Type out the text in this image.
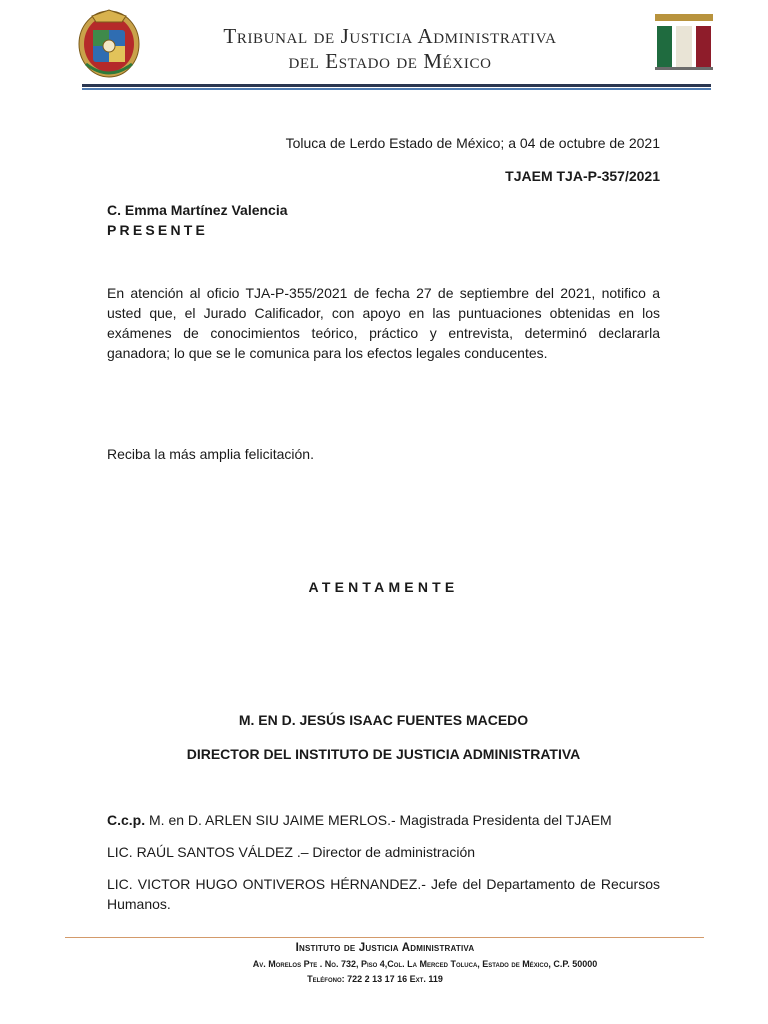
Tribunal de Justicia Administrativa
del Estado de México
Toluca de Lerdo Estado de México; a 04 de octubre de 2021
TJAEM TJA-P-357/2021
C. Emma Martínez Valencia
PRESENTE
En atención al oficio TJA-P-355/2021 de fecha 27 de septiembre del 2021, notifico a usted que, el Jurado Calificador, con apoyo en las puntuaciones obtenidas en los exámenes de conocimientos teórico, práctico y entrevista, determinó declararla ganadora; lo que se le comunica para los efectos legales conducentes.
Reciba la más amplia felicitación.
ATENTAMENTE
M. EN D. JESÚS ISAAC FUENTES MACEDO
DIRECTOR DEL INSTITUTO DE JUSTICIA ADMINISTRATIVA
C.c.p. M. en D. ARLEN SIU JAIME MERLOS.- Magistrada Presidenta del TJAEM
LIC. RAÚL SANTOS VÁLDEZ .– Director de administración
LIC. VICTOR HUGO ONTIVEROS HÉRNANDEZ.- Jefe del Departamento de Recursos Humanos.
Instituto de Justicia Administrativa
Av. Morelos Pte . No. 732, Piso 4,Col. La Merced Toluca, Estado de México, C.P. 50000
Teléfono: 722 2 13 17 16 Ext. 119
